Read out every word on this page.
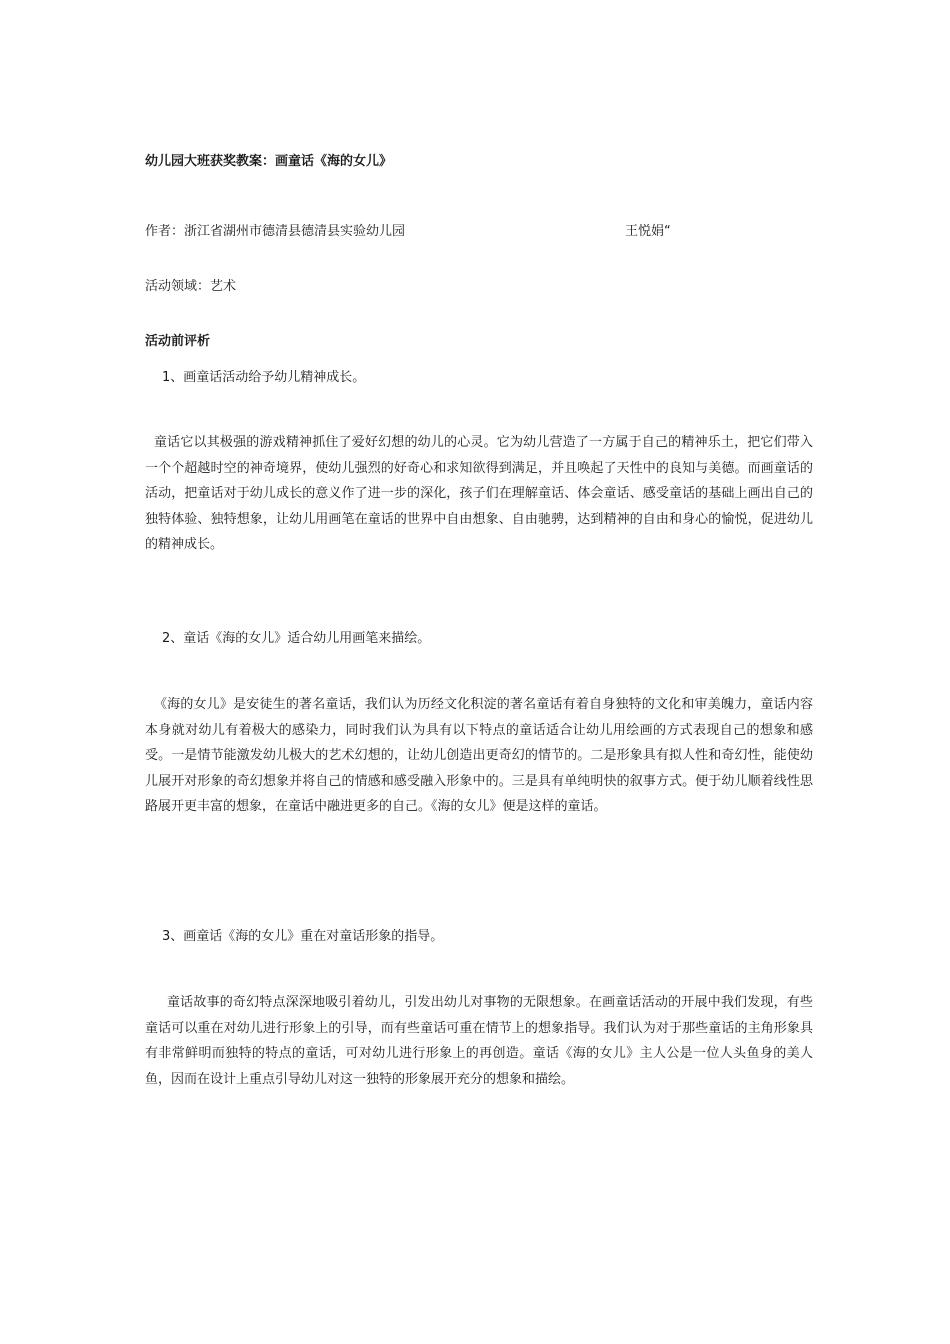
幼儿园大班获奖教案：画童话《海的女儿》

作者：浙江省湖州市德清县德清县实验幼儿园	王悦娟“

活动领域：艺术

活动前评析

1、画童话活动给予幼儿精神成长。

童话它以其极强的游戏精神抓住了爱好幻想的幼儿的心灵。它为幼儿营造了一方属于自己的精神乐土，把它们带入一个个超越时空的神奇境界，使幼儿强烈的好奇心和求知欲得到满足，并且唤起了天性中的良知与美德。而画童话的活动，把童话对于幼儿成长的意义作了进一步的深化，孩子们在理解童话、体会童话、感受童话的基础上画出自己的独特体验、独特想象，让幼儿用画笔在童话的世界中自由想象、自由驰骋，达到精神的自由和身心的愉悦，促进幼儿的精神成长。

2、童话《海的女儿》适合幼儿用画笔来描绘。

《海的女儿》是安徒生的著名童话，我们认为历经文化积淀的著名童话有着自身独特的文化和审美魄力，童话内容本身就对幼儿有着极大的感染力，同时我们认为具有以下特点的童话适合让幼儿用绘画的方式表现自己的想象和感受。一是情节能激发幼儿极大的艺术幻想的，让幼儿创造出更奇幻的情节的。二是形象具有拟人性和奇幻性，能使幼儿展开对形象的奇幻想象并将自己的情感和感受融入形象中的。三是具有单纯明快的叙事方式。便于幼儿顺着线性思路展开更丰富的想象，在童话中融进更多的自己。《海的女儿》便是这样的童话。

3、画童话《海的女儿》重在对童话形象的指导。

童话故事的奇幻特点深深地吸引着幼儿，引发出幼儿对事物的无限想象。在画童话活动的开展中我们发现，有些童话可以重在对幼儿进行形象上的引导，而有些童话可重在情节上的想象指导。我们认为对于那些童话的主角形象具有非常鲜明而独特的特点的童话，可对幼儿进行形象上的再创造。童话《海的女儿》主人公是一位人头鱼身的美人鱼，因而在设计上重点引导幼儿对这一独特的形象展开充分的想象和描绘。
